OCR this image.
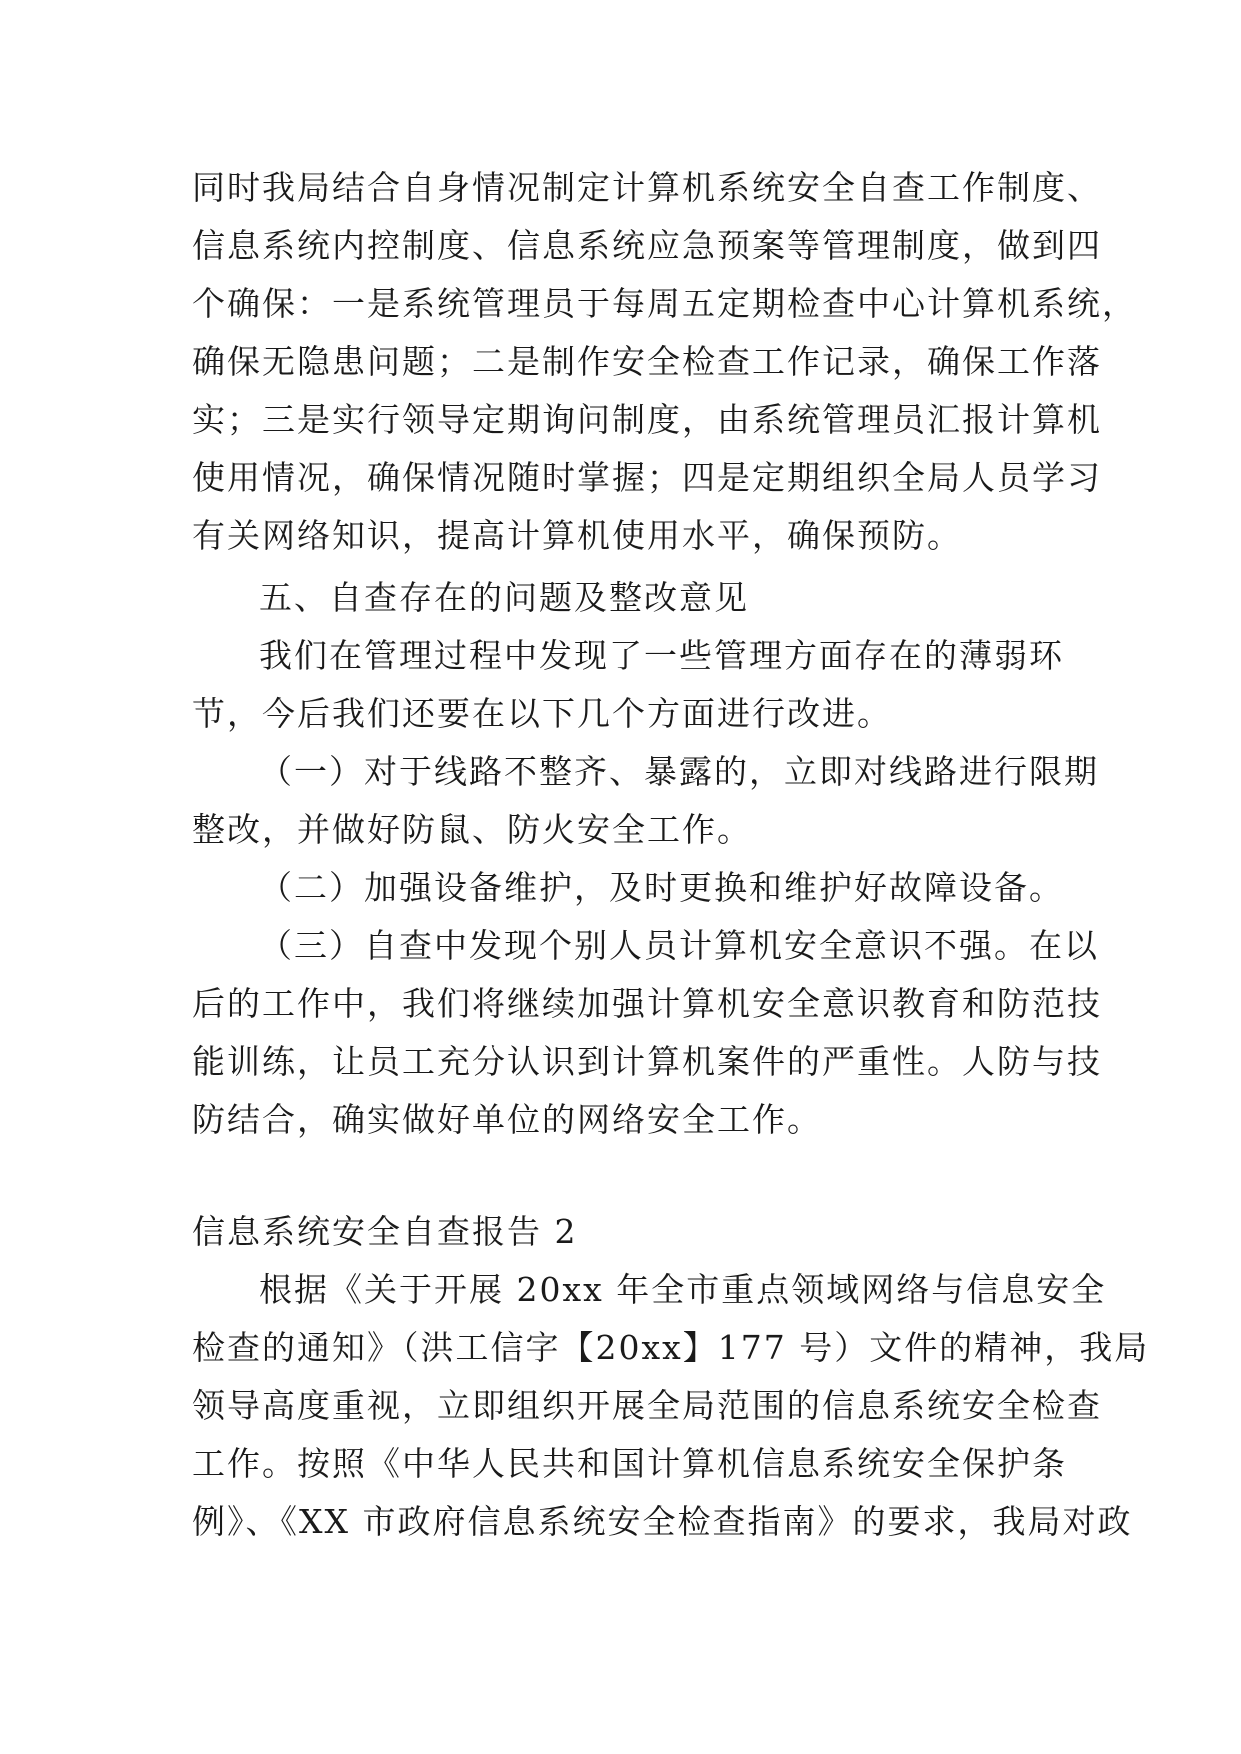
同时我局结合自身情况制定计算机系统安全自查工作制度、
信息系统内控制度、信息系统应急预案等管理制度，做到四
个确保：一是系统管理员于每周五定期检查中心计算机系统，
确保无隐患问题；二是制作安全检查工作记录，确保工作落
实；三是实行领导定期询问制度，由系统管理员汇报计算机
使用情况，确保情况随时掌握；四是定期组织全局人员学习
有关网络知识，提高计算机使用水平，确保预防。
五、自查存在的问题及整改意见
我们在管理过程中发现了一些管理方面存在的薄弱环
节，今后我们还要在以下几个方面进行改进。
（一）对于线路不整齐、暴露的，立即对线路进行限期
整改，并做好防鼠、防火安全工作。
（二）加强设备维护，及时更换和维护好故障设备。
（三）自查中发现个别人员计算机安全意识不强。在以
后的工作中，我们将继续加强计算机安全意识教育和防范技
能训练，让员工充分认识到计算机案件的严重性。人防与技
防结合，确实做好单位的网络安全工作。
信息系统安全自查报告 2
根据《关于开展 20xx 年全市重点领域网络与信息安全
检查的通知》（洪工信字【20xx】177 号）文件的精神，我局
领导高度重视，立即组织开展全局范围的信息系统安全检查
工作。按照《中华人民共和国计算机信息系统安全保护条
例》、《XX 市政府信息系统安全检查指南》的要求，我局对政
